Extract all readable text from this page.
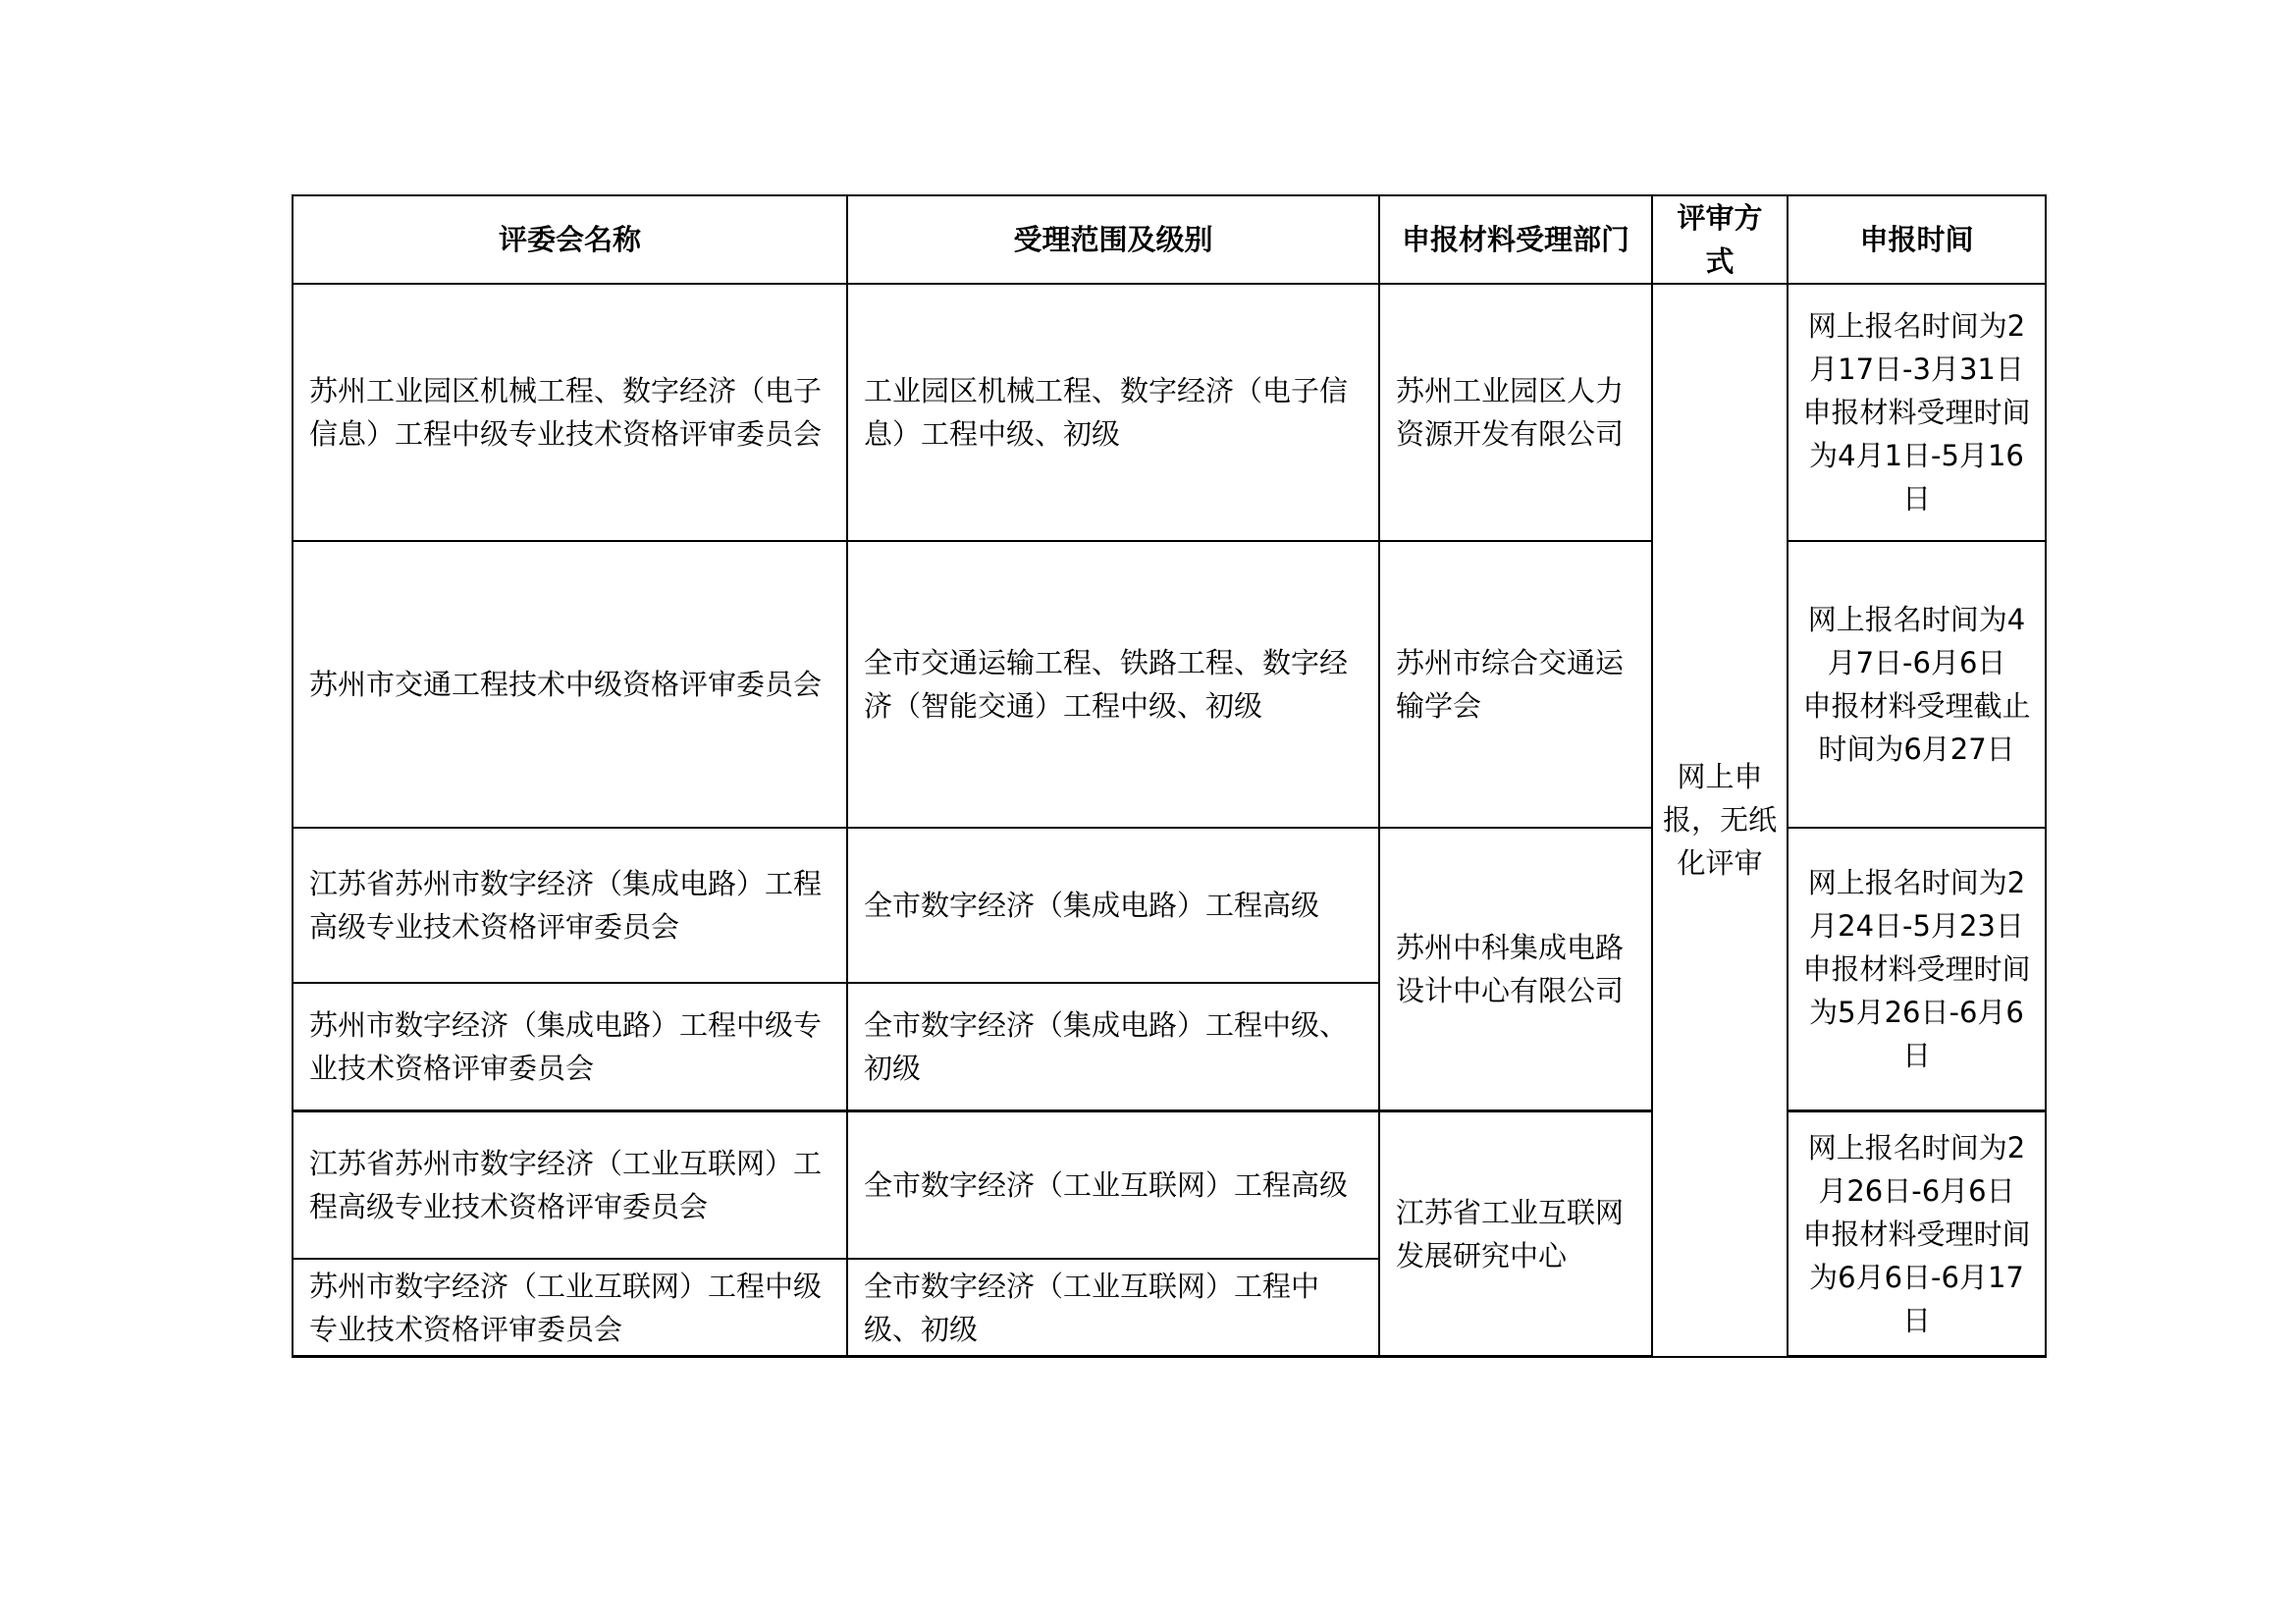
评委会名称	受理范围及级别	申报材料受理部门	评审方式	申报时间
苏州工业园区机械工程、数字经济（电子信息）工程中级专业技术资格评审委员会	工业园区机械工程、数字经济（电子信息）工程中级、初级	苏州工业园区人力资源开发有限公司	网上申报，无纸化评审	网上报名时间为2月17日-3月31日
申报材料受理时间为4月1日-5月16日

苏州市交通工程技术中级资格评审委员会	全市交通运输工程、铁路工程、数字经济（智能交通）工程中级、初级	苏州市综合交通运输学会		网上报名时间为4月7日-6月6日
申报材料受理截止时间为6月27日

江苏省苏州市数字经济（集成电路）工程高级专业技术资格评审委员会	全市数字经济（集成电路）工程高级	苏州中科集成电路设计中心有限公司		网上报名时间为2月24日-5月23日
申报材料受理时间为5月26日-6月6日

苏州市数字经济（集成电路）工程中级专业技术资格评审委员会	全市数字经济（集成电路）工程中级、初级			
江苏省苏州市数字经济（工业互联网）工程高级专业技术资格评审委员会	全市数字经济（工业互联网）工程高级	江苏省工业互联网发展研究中心		网上报名时间为2月26日-6月6日
申报材料受理时间为6月6日-6月17日

苏州市数字经济（工业互联网）工程中级专业技术资格评审委员会	全市数字经济（工业互联网）工程中级、初级			
